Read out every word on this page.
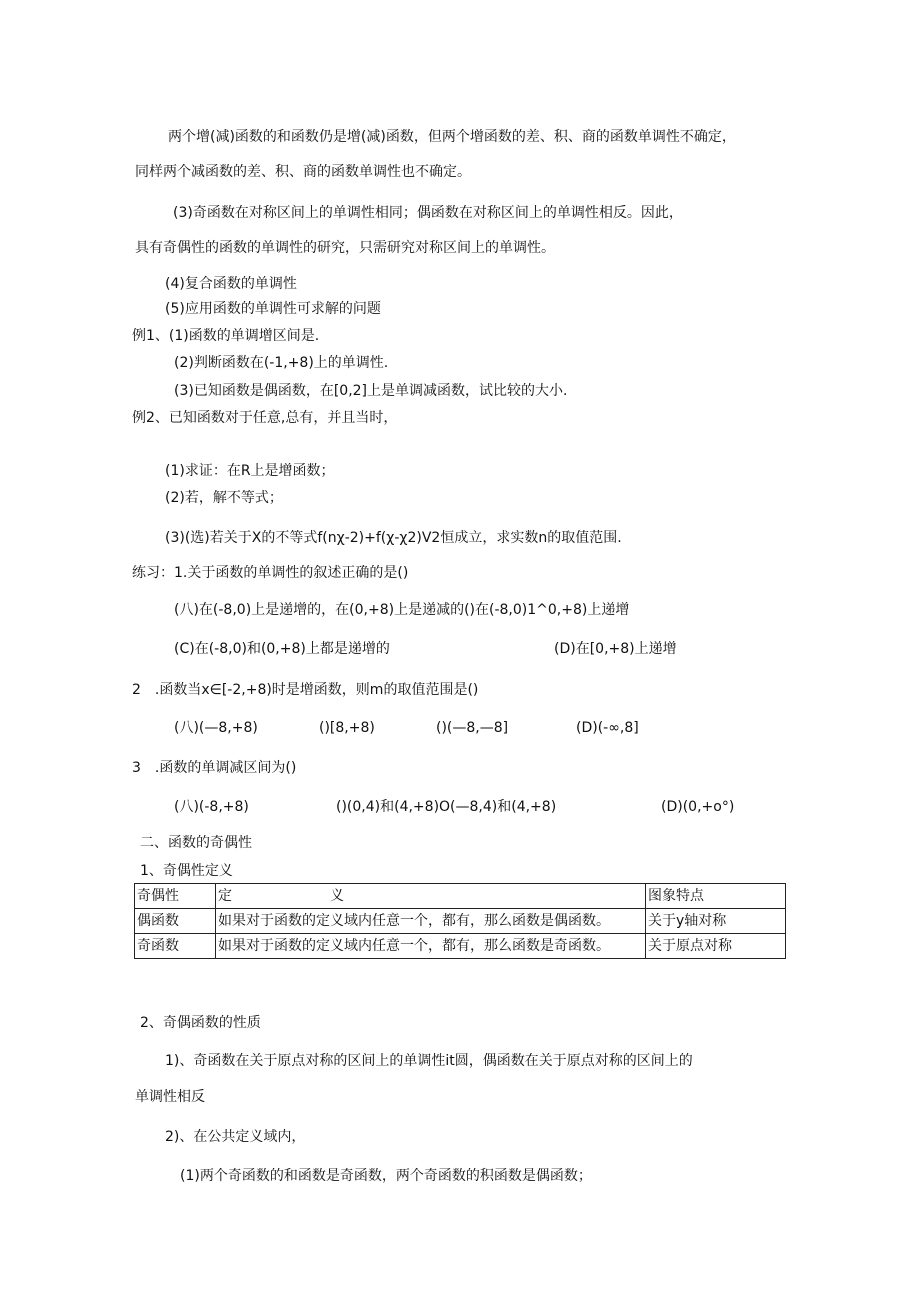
两个增(减)函数的和函数仍是增(减)函数，但两个增函数的差、积、商的函数单调性不确定，
同样两个减函数的差、积、商的函数单调性也不确定。
(3)奇函数在对称区间上的单调性相同；偶函数在对称区间上的单调性相反。因此，
具有奇偶性的函数的单调性的研究，只需研究对称区间上的单调性。
(4)复合函数的单调性
(5)应用函数的单调性可求解的问题
例1、(1)函数的单调增区间是.
(2)判断函数在(-1,+8)上的单调性.
(3)已知函数是偶函数，在[0,2]上是单调减函数，试比较的大小.
例2、已知函数对于任意,总有，并且当时，
(1)求证：在R上是增函数；
(2)若，解不等式；
(3)(选)若关于X的不等式f(nχ-2)+f(χ-χ2)V2恒成立，求实数n的取值范围.
练习：1.关于函数的单调性的叙述正确的是()
(八)在(-8,0)上是递增的，在(0,+8)上是递减的()在(-8,0)1^0,+8)上递增
(C)在(-8,0)和(0,+8)上都是递增的	(D)在[0,+8)上递增
2　.函数当x∈[-2,+8)时是增函数，则m的取值范围是()
(八)(—8,+8)	()[8,+8)	()(—8,—8]	(D)(-∞,8]
3　.函数的单调减区间为()
(八)(-8,+8)	()(0,4)和(4,+8)O(—8,4)和(4,+8)	(D)(0,+o°)
二、函数的奇偶性
1、奇偶性定义
奇偶性	定　　　　　　　义	图象特点
偶函数	如果对于函数的定义域内任意一个，都有，那么函数是偶函数。	关于y轴对称
奇函数	如果对于函数的定义域内任意一个，都有，那么函数是奇函数。	关于原点对称
2、奇偶函数的性质
1)、奇函数在关于原点对称的区间上的单调性it圆，偶函数在关于原点对称的区间上的
单调性相反
2)、在公共定义域内，
(1)两个奇函数的和函数是奇函数，两个奇函数的积函数是偶函数；
